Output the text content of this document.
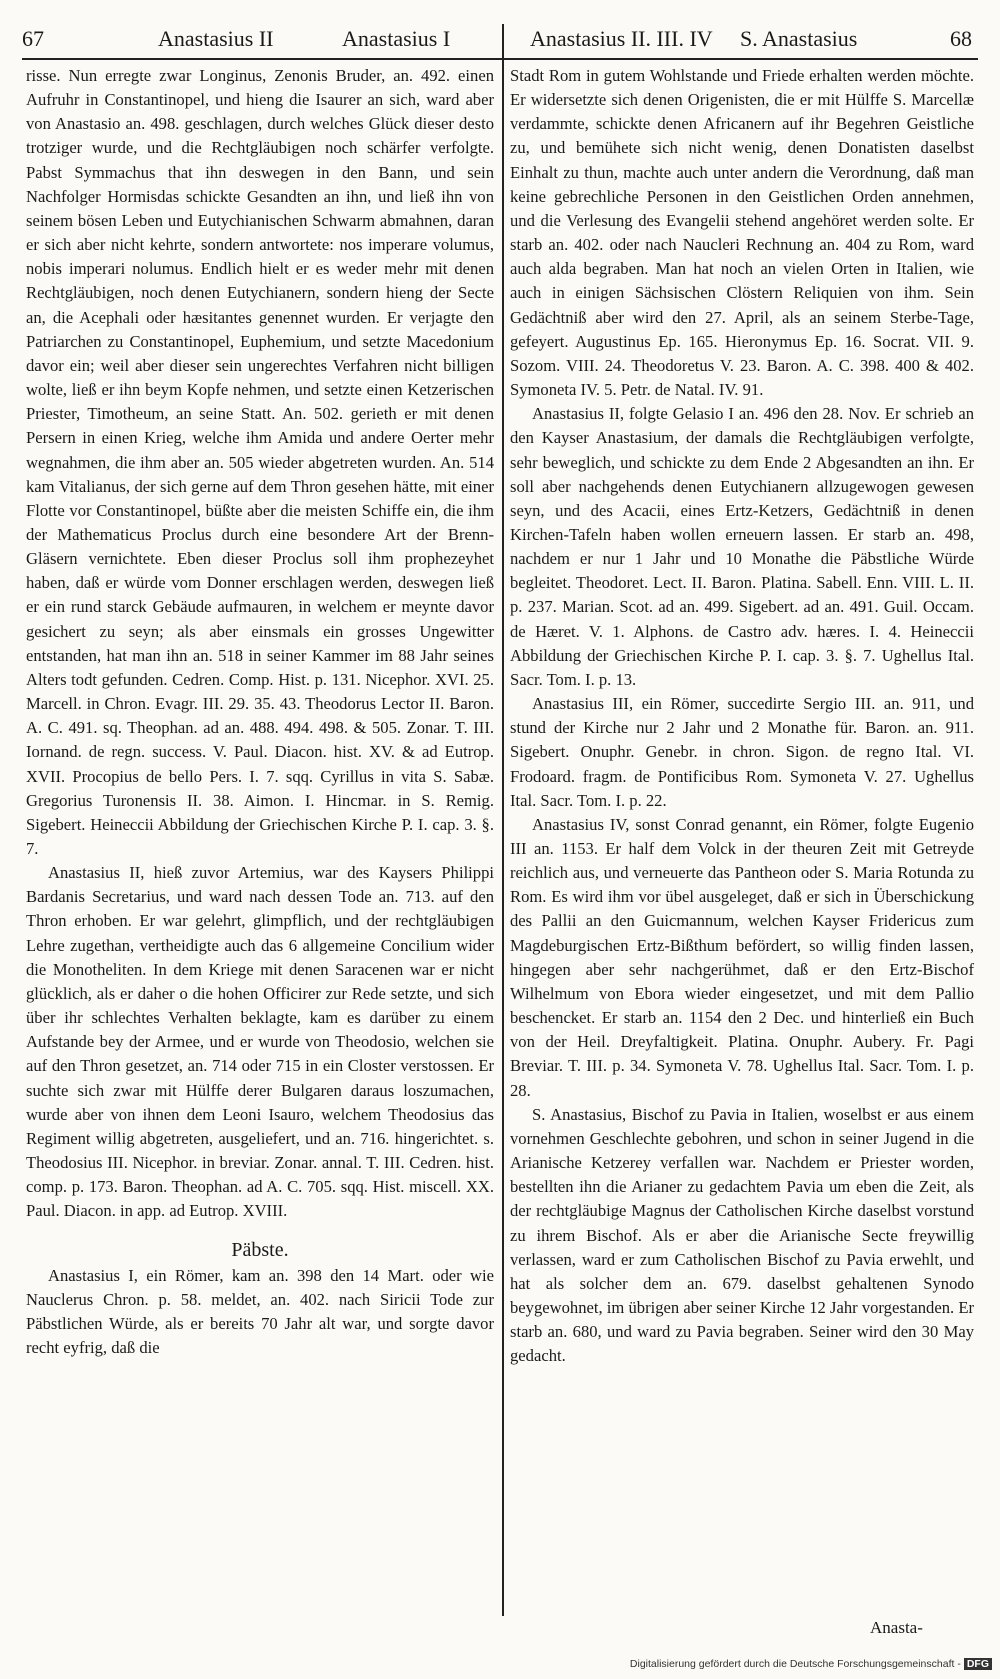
67	Anastasius II	Anastasius I	Anastasius II. III. IV S. Anastasius	68

risse. Nun erregte zwar Longinus, Zenonis Bruder, an. 492. einen Aufruhr in Constantinopel, und hieng die Isaurer an sich, ward aber von Anastasio an. 498. geschlagen, durch welches Glück dieser desto trotziger wurde, und die Rechtgläubigen noch schärfer verfolgte. Pabst Symmachus that ihn deswegen in den Bann, und sein Nachfolger Hormisdas schickte Gesandten an ihn, und ließ ihn von seinem bösen Leben und Eutychianischen Schwarm abmahnen, daran er sich aber nicht kehrte, sondern antwortete: nos imperare volumus, nobis imperari nolumus. Endlich hielt er es weder mehr mit denen Rechtgläubigen, noch denen Eutychianern, sondern hieng der Secte an, die Acephali oder hæsitantes genennet wurden. Er verjagte den Patriarchen zu Constantinopel, Euphemium, und setzte Macedonium davor ein; weil aber dieser sein ungerechtes Verfahren nicht billigen wolte, ließ er ihn beym Kopfe nehmen, und setzte einen Ketzerischen Priester, Timotheum, an seine Statt. An. 502. gerieth er mit denen Persern in einen Krieg, welche ihm Amida und andere Oerter mehr wegnahmen, die ihm aber an. 505 wieder abgetreten wurden. An. 514 kam Vitalianus, der sich gerne auf dem Thron gesehen hätte, mit einer Flotte vor Constantinopel, büßte aber die meisten Schiffe ein, die ihm der Mathematicus Proclus durch eine besondere Art der Brenn-Gläsern vernichtete. Eben dieser Proclus soll ihm prophezeyhet haben, daß er würde vom Donner erschlagen werden, deswegen ließ er ein rund starck Gebäude aufmauren, in welchem er meynte davor gesichert zu seyn; als aber einsmals ein grosses Ungewitter entstanden, hat man ihn an. 518 in seiner Kammer im 88 Jahr seines Alters todt gefunden. Cedren. Comp. Hist. p. 131. Nicephor. XVI. 25. Marcell. in Chron. Evagr. III. 29. 35. 43. Theodorus Lector II. Baron. A. C. 491. sq. Theophan. ad an. 488. 494. 498. & 505. Zonar. T. III. Iornand. de regn. success. V. Paul. Diacon. hist. XV. & ad Eutrop. XVII. Procopius de bello Pers. I. 7. sqq. Cyrillus in vita S. Sabæ. Gregorius Turonensis II. 38. Aimon. I. Hincmar. in S. Remig. Sigebert. Heineccii Abbildung der Griechischen Kirche P. I. cap. 3. §. 7.

Anastasius II, hieß zuvor Artemius, war des Kaysers Philippi Bardanis Secretarius, und ward nach dessen Tode an. 713. auf den Thron erhoben. Er war gelehrt, glimpflich, und der rechtgläubigen Lehre zugethan, vertheidigte auch das 6 allgemeine Concilium wider die Monotheliten. In dem Kriege mit denen Saracenen war er nicht glücklich, als er daher o die hohen Officirer zur Rede setzte, und sich über ihr schlechtes Verhalten beklagte, kam es darüber zu einem Aufstande bey der Armee, und er wurde von Theodosio, welchen sie auf den Thron gesetzet, an. 714 oder 715 in ein Closter verstossen. Er suchte sich zwar mit Hülffe derer Bulgaren daraus loszumachen, wurde aber von ihnen dem Leoni Isauro, welchem Theodosius das Regiment willig abgetreten, ausgeliefert, und an. 716. hingerichtet. s. Theodosius III. Nicephor. in breviar. Zonar. annal. T. III. Cedren. hist. comp. p. 173. Baron. Theophan. ad A. C. 705. sqq. Hist. miscell. XX. Paul. Diacon. in app. ad Eutrop. XVIII.

Päbste.

Anastasius I, ein Römer, kam an. 398 den 14 Mart. oder wie Nauclerus Chron. p. 58. meldet, an. 402. nach Siricii Tode zur Päbstlichen Würde, als er bereits 70 Jahr alt war, und sorgte davor recht eyfrig, daß die

Stadt Rom in gutem Wohlstande und Friede erhalten werden möchte. Er widersetzte sich denen Origenisten, die er mit Hülffe S. Marcellæ verdammte, schickte denen Africanern auf ihr Begehren Geistliche zu, und bemühete sich nicht wenig, denen Donatisten daselbst Einhalt zu thun, machte auch unter andern die Verordnung, daß man keine gebrechliche Personen in den Geistlichen Orden annehmen, und die Verlesung des Evangelii stehend angehöret werden solte. Er starb an. 402. oder nach Naucleri Rechnung an. 404 zu Rom, ward auch alda begraben. Man hat noch an vielen Orten in Italien, wie auch in einigen Sächsischen Clöstern Reliquien von ihm. Sein Gedächtniß aber wird den 27. April, als an seinem Sterbe-Tage, gefeyert. Augustinus Ep. 165. Hieronymus Ep. 16. Socrat. VII. 9. Sozom. VIII. 24. Theodoretus V. 23. Baron. A. C. 398. 400 & 402. Symoneta IV. 5. Petr. de Natal. IV. 91.

Anastasius II, folgte Gelasio I an. 496 den 28. Nov. Er schrieb an den Kayser Anastasium, der damals die Rechtgläubigen verfolgte, sehr beweglich, und schickte zu dem Ende 2 Abgesandten an ihn. Er soll aber nachgehends denen Eutychianern allzugewogen gewesen seyn, und des Acacii, eines Ertz-Ketzers, Gedächtniß in denen Kirchen-Tafeln haben wollen erneuern lassen. Er starb an. 498, nachdem er nur 1 Jahr und 10 Monathe die Päbstliche Würde begleitet. Theodoret. Lect. II. Baron. Platina. Sabell. Enn. VIII. L. II. p. 237. Marian. Scot. ad an. 499. Sigebert. ad an. 491. Guil. Occam. de Hæret. V. 1. Alphons. de Castro adv. hæres. I. 4. Heineccii Abbildung der Griechischen Kirche P. I. cap. 3. §. 7. Ughellus Ital. Sacr. Tom. I. p. 13.

Anastasius III, ein Römer, succedirte Sergio III. an. 911, und stund der Kirche nur 2 Jahr und 2 Monathe für. Baron. an. 911. Sigebert. Onuphr. Genebr. in chron. Sigon. de regno Ital. VI. Frodoard. fragm. de Pontificibus Rom. Symoneta V. 27. Ughellus Ital. Sacr. Tom. I. p. 22.

Anastasius IV, sonst Conrad genannt, ein Römer, folgte Eugenio III an. 1153. Er half dem Volck in der theuren Zeit mit Getreyde reichlich aus, und verneuerte das Pantheon oder S. Maria Rotunda zu Rom. Es wird ihm vor übel ausgeleget, daß er sich in Überschickung des Pallii an den Guicmannum, welchen Kayser Fridericus zum Magdeburgischen Ertz-Bißthum befördert, so willig finden lassen, hingegen aber sehr nachgerühmet, daß er den Ertz-Bischof Wilhelmum von Ebora wieder eingesetzet, und mit dem Pallio beschencket. Er starb an. 1154 den 2 Dec. und hinterließ ein Buch von der Heil. Dreyfaltigkeit. Platina. Onuphr. Aubery. Fr. Pagi Breviar. T. III. p. 34. Symoneta V. 78. Ughellus Ital. Sacr. Tom. I. p. 28.

S. Anastasius, Bischof zu Pavia in Italien, woselbst er aus einem vornehmen Geschlechte gebohren, und schon in seiner Jugend in die Arianische Ketzerey verfallen war. Nachdem er Priester worden, bestellten ihn die Arianer zu gedachtem Pavia um eben die Zeit, als der rechtgläubige Magnus der Catholischen Kirche daselbst vorstund zu ihrem Bischof. Als er aber die Arianische Secte freywillig verlassen, ward er zum Catholischen Bischof zu Pavia erwehlt, und hat als solcher dem an. 679. daselbst gehaltenen Synodo beygewohnet, im übrigen aber seiner Kirche 12 Jahr vorgestanden. Er starb an. 680, und ward zu Pavia begraben. Seiner wird den 30 May gedacht.

Anasta-
Digitalisierung gefördert durch die Deutsche Forschungsgemeinschaft - DFG
